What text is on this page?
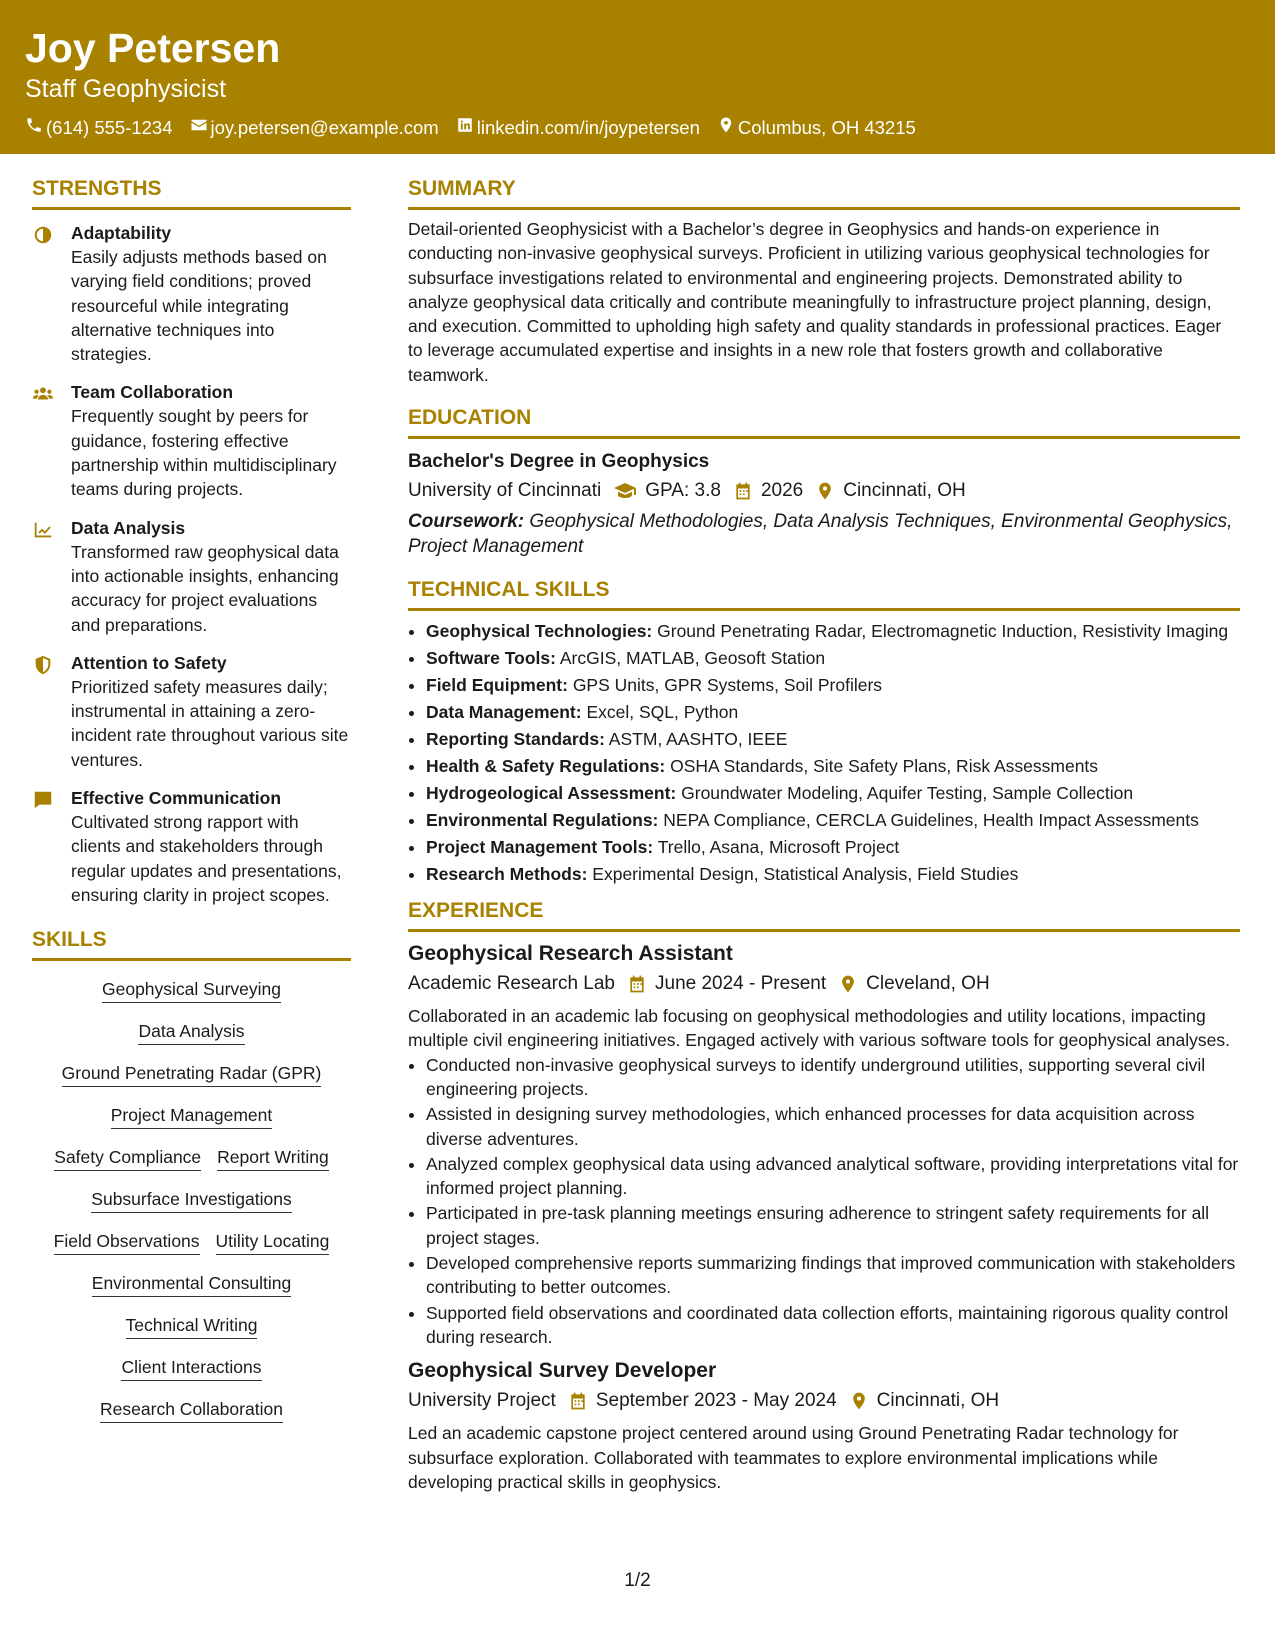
Joy Petersen
Staff Geophysicist
(614) 555-1234 joy.petersen@example.com linkedin.com/in/joypetersen Columbus, OH 43215
STRENGTHS
Adaptability
Easily adjusts methods based on varying field conditions; proved resourceful while integrating alternative techniques into strategies.
Team Collaboration
Frequently sought by peers for guidance, fostering effective partnership within multidisciplinary teams during projects.
Data Analysis
Transformed raw geophysical data into actionable insights, enhancing accuracy for project evaluations and preparations.
Attention to Safety
Prioritized safety measures daily; instrumental in attaining a zero-incident rate throughout various site ventures.
Effective Communication
Cultivated strong rapport with clients and stakeholders through regular updates and presentations, ensuring clarity in project scopes.
SKILLS
Geophysical Surveying
Data Analysis
Ground Penetrating Radar (GPR)
Project Management
Safety Compliance Report Writing
Subsurface Investigations
Field Observations Utility Locating
Environmental Consulting
Technical Writing
Client Interactions
Research Collaboration
SUMMARY
Detail-oriented Geophysicist with a Bachelor’s degree in Geophysics and hands-on experience in conducting non-invasive geophysical surveys. Proficient in utilizing various geophysical technologies for subsurface investigations related to environmental and engineering projects. Demonstrated ability to analyze geophysical data critically and contribute meaningfully to infrastructure project planning, design, and execution. Committed to upholding high safety and quality standards in professional practices. Eager to leverage accumulated expertise and insights in a new role that fosters growth and collaborative teamwork.
EDUCATION
Bachelor's Degree in Geophysics
University of Cincinnati GPA: 3.8 2026 Cincinnati, OH
Coursework: Geophysical Methodologies, Data Analysis Techniques, Environmental Geophysics, Project Management
TECHNICAL SKILLS
• Geophysical Technologies: Ground Penetrating Radar, Electromagnetic Induction, Resistivity Imaging
• Software Tools: ArcGIS, MATLAB, Geosoft Station
• Field Equipment: GPS Units, GPR Systems, Soil Profilers
• Data Management: Excel, SQL, Python
• Reporting Standards: ASTM, AASHTO, IEEE
• Health & Safety Regulations: OSHA Standards, Site Safety Plans, Risk Assessments
• Hydrogeological Assessment: Groundwater Modeling, Aquifer Testing, Sample Collection
• Environmental Regulations: NEPA Compliance, CERCLA Guidelines, Health Impact Assessments
• Project Management Tools: Trello, Asana, Microsoft Project
• Research Methods: Experimental Design, Statistical Analysis, Field Studies
EXPERIENCE
Geophysical Research Assistant
Academic Research Lab June 2024 - Present Cleveland, OH
Collaborated in an academic lab focusing on geophysical methodologies and utility locations, impacting multiple civil engineering initiatives. Engaged actively with various software tools for geophysical analyses.
• Conducted non-invasive geophysical surveys to identify underground utilities, supporting several civil engineering projects.
• Assisted in designing survey methodologies, which enhanced processes for data acquisition across diverse adventures.
• Analyzed complex geophysical data using advanced analytical software, providing interpretations vital for informed project planning.
• Participated in pre-task planning meetings ensuring adherence to stringent safety requirements for all project stages.
• Developed comprehensive reports summarizing findings that improved communication with stakeholders contributing to better outcomes.
• Supported field observations and coordinated data collection efforts, maintaining rigorous quality control during research.
Geophysical Survey Developer
University Project September 2023 - May 2024 Cincinnati, OH
Led an academic capstone project centered around using Ground Penetrating Radar technology for subsurface exploration. Collaborated with teammates to explore environmental implications while developing practical skills in geophysics.
1/2
